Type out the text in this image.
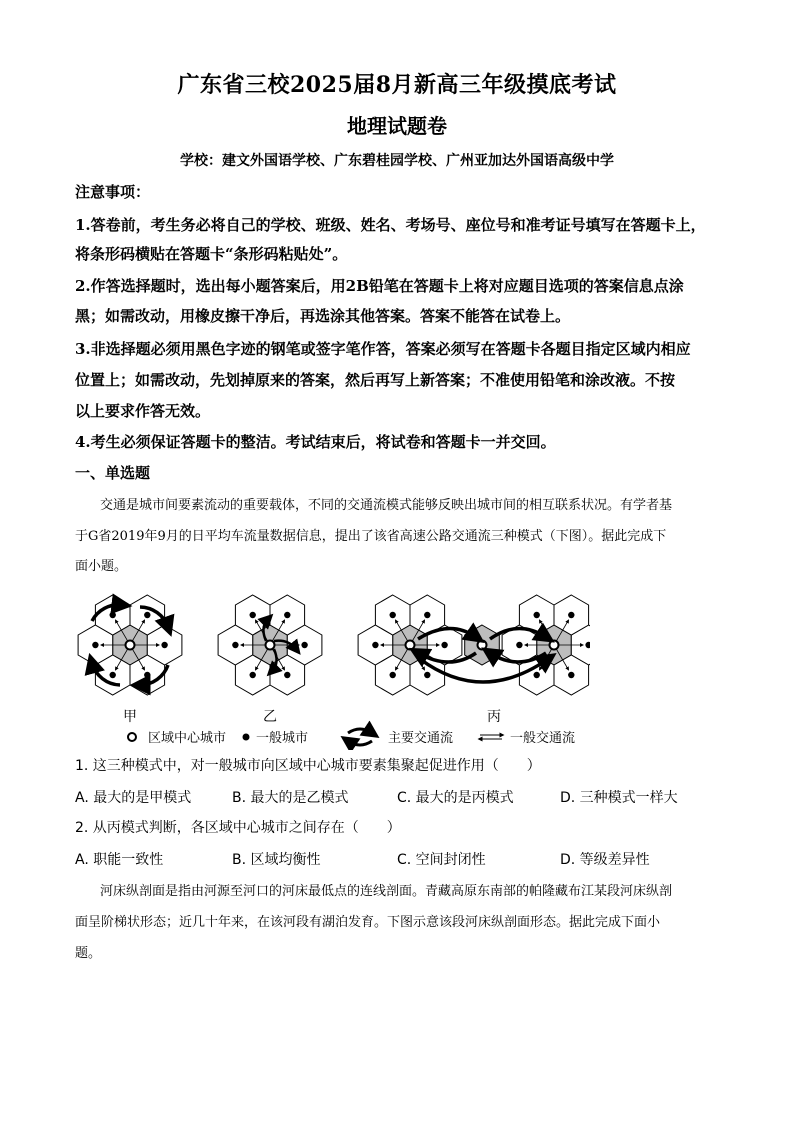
广东省三校2025届8月新高三年级摸底考试
地理试题卷
学校：建文外国语学校、广东碧桂园学校、广州亚加达外国语高级中学
注意事项：
1.答卷前，考生务必将自己的学校、班级、姓名、考场号、座位号和准考证号填写在答题卡上，
将条形码横贴在答题卡“条形码粘贴处”。
2.作答选择题时，选出每小题答案后，用2B铅笔在答题卡上将对应题目选项的答案信息点涂
黑；如需改动，用橡皮擦干净后，再选涂其他答案。答案不能答在试卷上。
3.非选择题必须用黑色字迹的钢笔或签字笔作答，答案必须写在答题卡各题目指定区域内相应
位置上；如需改动，先划掉原来的答案，然后再写上新答案；不准使用铅笔和涂改液。不按
以上要求作答无效。
4.考生必须保证答题卡的整洁。考试结束后，将试卷和答题卡一并交回。
一、单选题
交通是城市间要素流动的重要载体，不同的交通流模式能够反映出城市间的相互联系状况。有学者基
于G省2019年9月的日平均车流量数据信息，提出了该省高速公路交通流三种模式（下图）。据此完成下
面小题。
甲	乙	丙
区域中心城市 一般城市	主要交通流	一般交通流
1. 这三种模式中，对一般城市向区域中心城市要素集聚起促进作用（　　）
A. 最大的是甲模式	B. 最大的是乙模式	C. 最大的是丙模式	D. 三种模式一样大
2. 从丙模式判断，各区域中心城市之间存在（　　）
A. 职能一致性	B. 区域均衡性	C. 空间封闭性	D. 等级差异性
河床纵剖面是指由河源至河口的河床最低点的连线剖面。青藏高原东南部的帕隆藏布江某段河床纵剖
面呈阶梯状形态；近几十年来，在该河段有湖泊发育。下图示意该段河床纵剖面形态。据此完成下面小
题。
